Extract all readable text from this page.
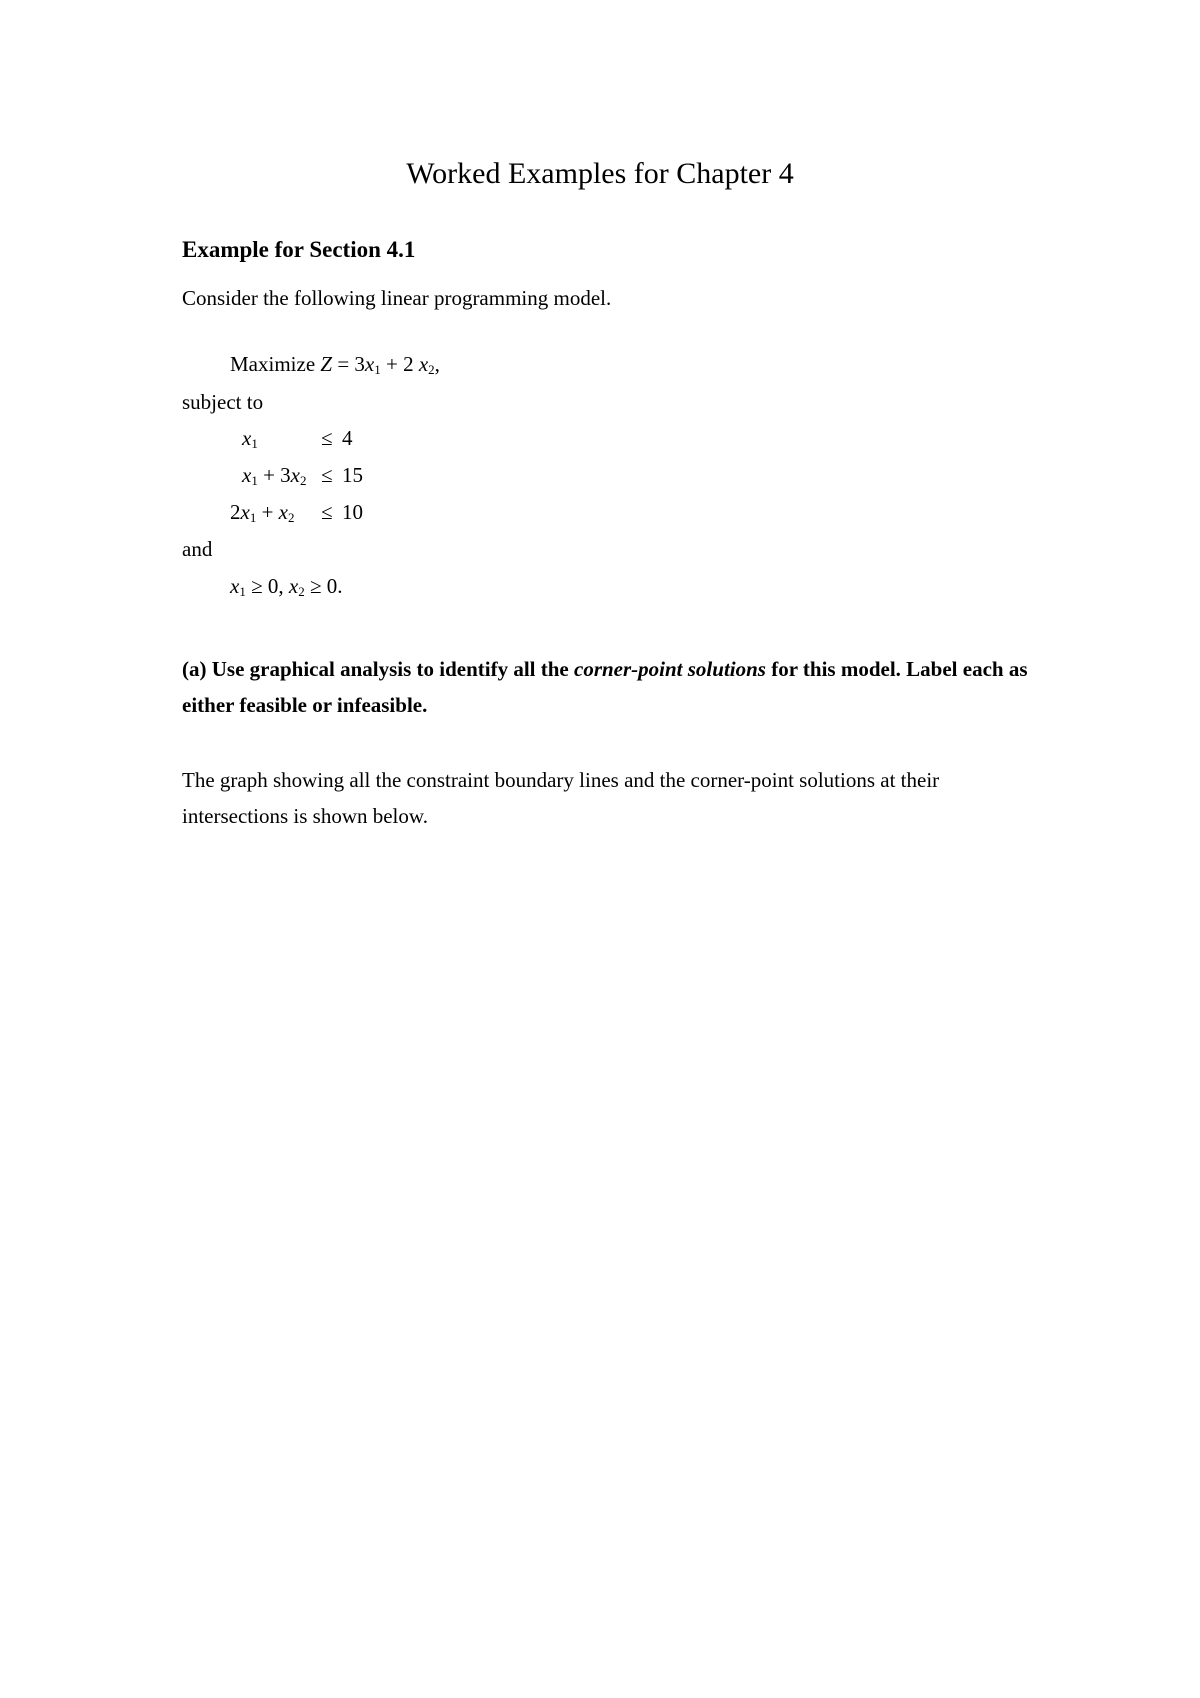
Worked Examples for Chapter 4
Example for Section 4.1

Consider the following linear programming model.

Maximize $Z = 3x_1 + 2$ $x_2$,

subject to

$x_1$	≤ 4
$x_1 + 3x_2 \le 15$
$2x_1 + x_2 \le 10$

and

$x_1 \ge 0$, $x_2 \ge 0$.

(a) Use graphical analysis to identify all the corner-point solutions for this model. Label each as either feasible or infeasible.

The graph showing all the constraint boundary lines and the corner-point solutions at their intersections is shown below.
